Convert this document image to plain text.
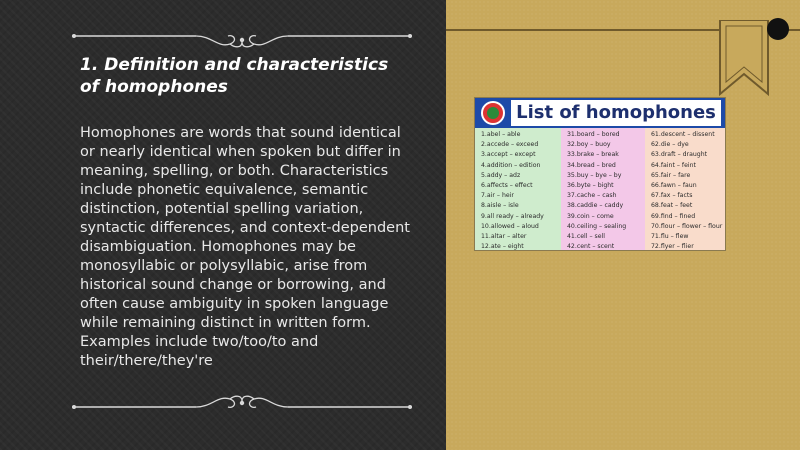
1. Definition and characteristics of homophones

Homophones are words that sound identical or nearly identical when spoken but differ in meaning, spelling, or both. Characteristics include phonetic equivalence, semantic distinction, potential spelling variation, syntactic differences, and context-dependent disambiguation. Homophones may be monosyllabic or polysyllabic, arise from historical sound change or borrowing, and often cause ambiguity in spoken language while remaining distinct in written form. Examples include two/too/to and their/there/they're

List of homophones
1.abel – able
2.accede – exceed
3.accept – except
4.addition – edition
5.addy – adz
6.affects – effect
7.air – heir
8.aisle – isle
9.all ready – already
10.allowed – aloud
11.altar – alter
12.ate – eight
31.board – bored
32.boy – buoy
33.brake – break
34.bread – bred
35.buy – bye – by
36.byte – bight
37.cache – cash
38.caddie – caddy
39.coin – come
40.ceiling – sealing
41.cell – sell
42.cent – scent
61.descent – dissent
62.die – dye
63.draft – draught
64.faint – feint
65.fair – fare
66.fawn – faun
67.fax – facts
68.feat – feet
69.find – fined
70.flour – flower – flour
71.flu – flew
72.flyer – flier
